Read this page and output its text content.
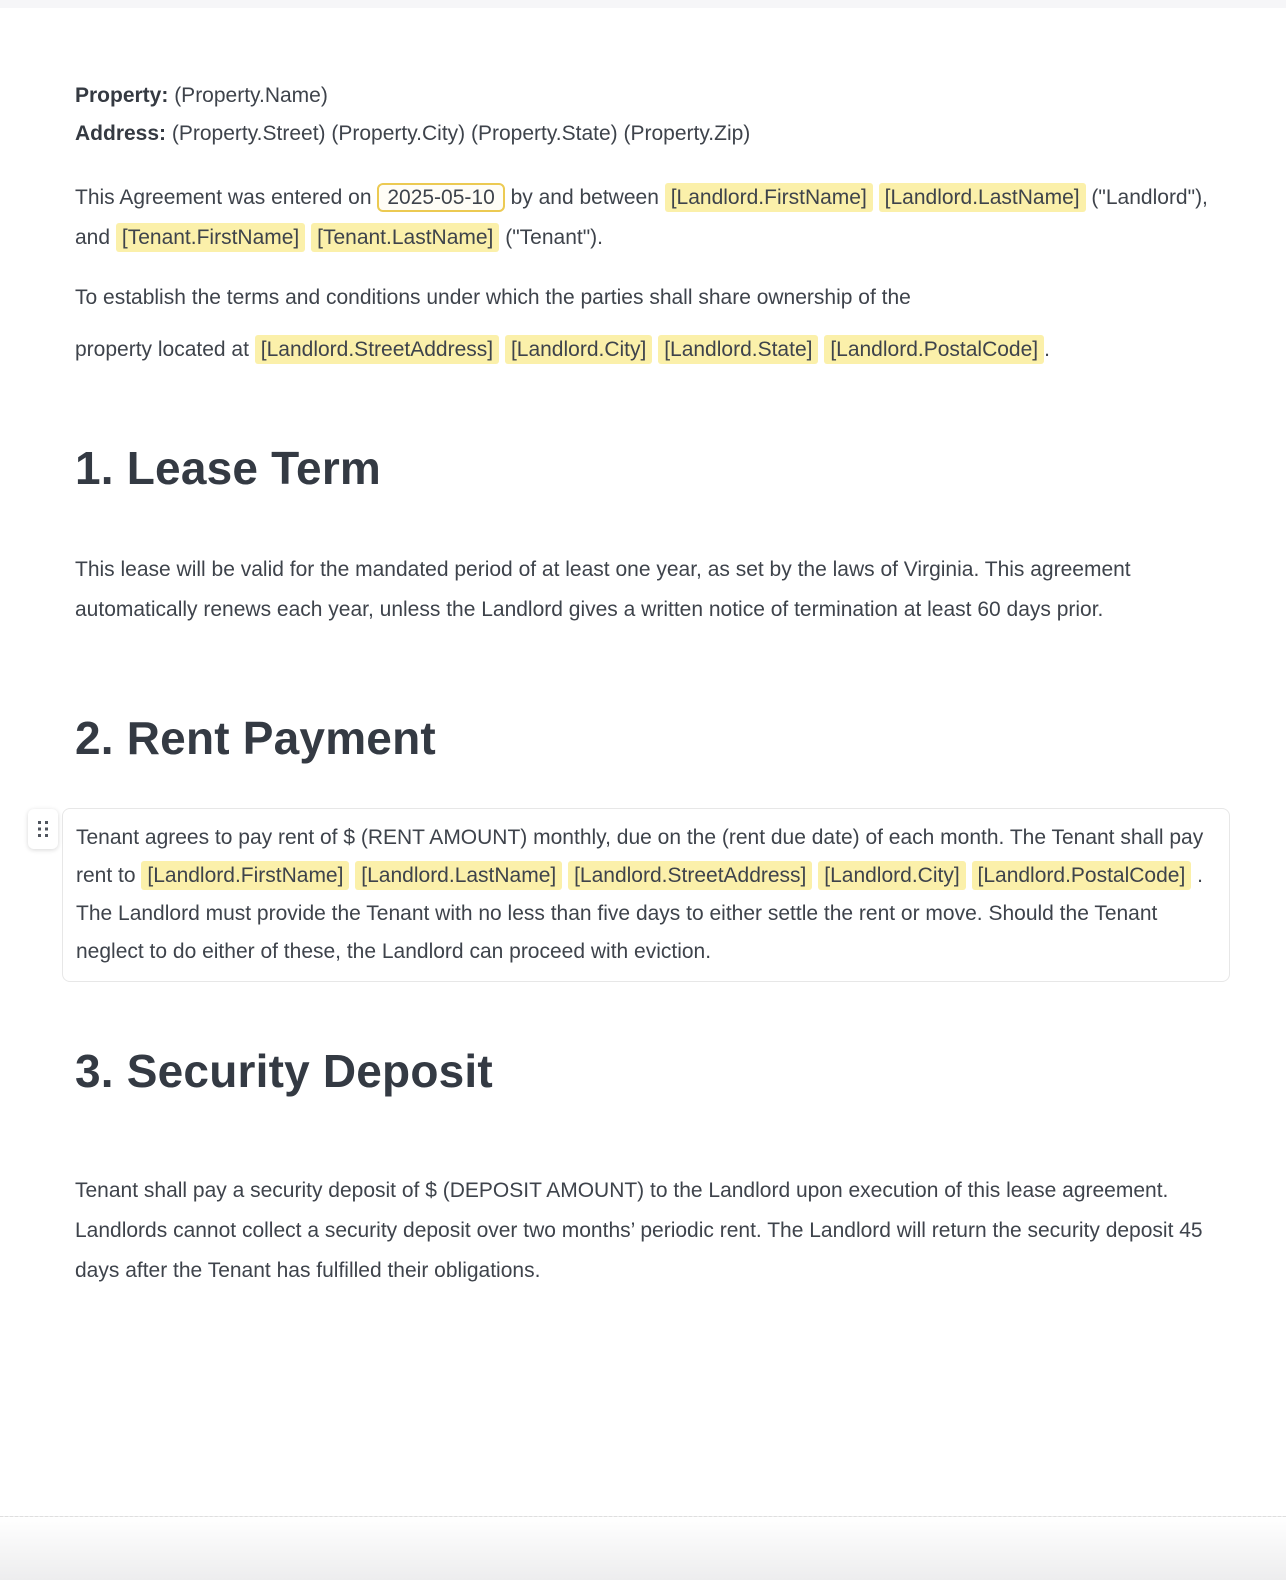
Property: (Property.Name)
Address: (Property.Street) (Property.City) (Property.State) (Property.Zip)

This Agreement was entered on 2025-05-10 by and between [Landlord.FirstName] [Landlord.LastName] ("Landlord"), and [Tenant.FirstName] [Tenant.LastName] ("Tenant").

To establish the terms and conditions under which the parties shall share ownership of the
property located at [Landlord.StreetAddress] [Landlord.City] [Landlord.State] [Landlord.PostalCode] .

1. Lease Term

This lease will be valid for the mandated period of at least one year, as set by the laws of Virginia. This agreement automatically renews each year, unless the Landlord gives a written notice of termination at least 60 days prior.

2. Rent Payment

Tenant agrees to pay rent of $ (RENT AMOUNT) monthly, due on the (rent due date) of each month. The Tenant shall pay rent to [Landlord.FirstName] [Landlord.LastName] [Landlord.StreetAddress] [Landlord.City] [Landlord.PostalCode] . The Landlord must provide the Tenant with no less than five days to either settle the rent or move. Should the Tenant neglect to do either of these, the Landlord can proceed with eviction.

3. Security Deposit

Tenant shall pay a security deposit of $ (DEPOSIT AMOUNT) to the Landlord upon execution of this lease agreement. Landlords cannot collect a security deposit over two months’ periodic rent. The Landlord will return the security deposit 45 days after the Tenant has fulfilled their obligations.
